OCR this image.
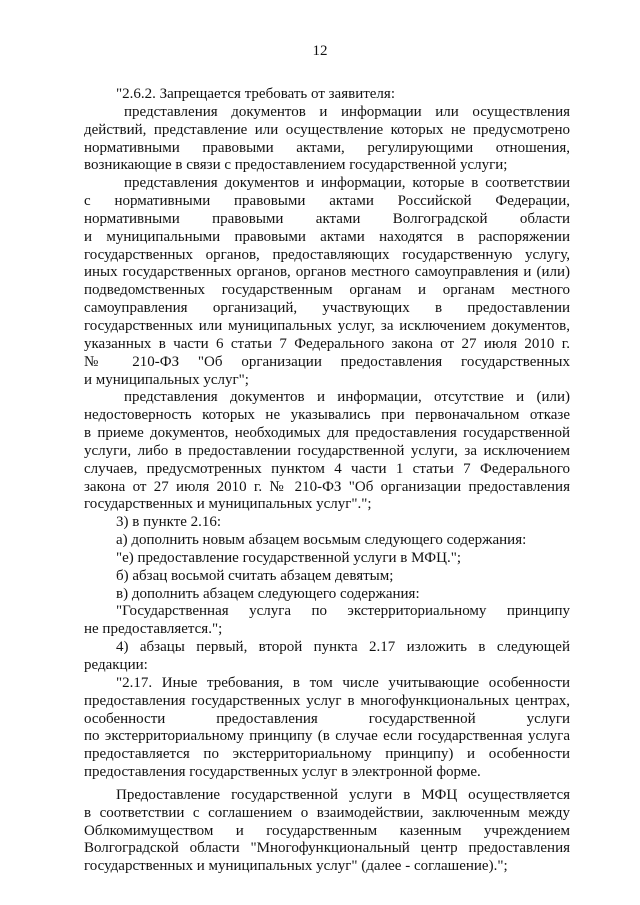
12
"2.6.2. Запрещается требовать от заявителя:
представления документов и информации или осуществления
действий, представление или осуществление которых не предусмотрено
нормативными правовыми актами, регулирующими отношения,
возникающие в связи с предоставлением государственной услуги;
представления документов и информации, которые в соответствии
с нормативными правовыми актами Российской Федерации,
нормативными правовыми актами Волгоградской области
и муниципальными правовыми актами находятся в распоряжении
государственных органов, предоставляющих государственную услугу,
иных государственных органов, органов местного самоуправления и (или)
подведомственных государственным органам и органам местного
самоуправления организаций, участвующих в предоставлении
государственных или муниципальных услуг, за исключением документов,
указанных в части 6 статьи 7 Федерального закона от 27 июля 2010 г.
№ 210-ФЗ "Об организации предоставления государственных
и муниципальных услуг";
представления документов и информации, отсутствие и (или)
недостоверность которых не указывались при первоначальном отказе
в приеме документов, необходимых для предоставления государственной
услуги, либо в предоставлении государственной услуги, за исключением
случаев, предусмотренных пунктом 4 части 1 статьи 7 Федерального
закона от 27 июля 2010 г. № 210-ФЗ "Об организации предоставления
государственных и муниципальных услуг".";
3) в пункте 2.16:
а) дополнить новым абзацем восьмым следующего содержания:
"е) предоставление государственной услуги в МФЦ.";
б) абзац восьмой считать абзацем девятым;
в) дополнить абзацем следующего содержания:
"Государственная услуга по экстерриториальному принципу
не предоставляется.";
4) абзацы первый, второй пункта 2.17 изложить в следующей
редакции:
"2.17. Иные требования, в том числе учитывающие особенности
предоставления государственных услуг в многофункциональных центрах,
особенности предоставления государственной услуги
по экстерриториальному принципу (в случае если государственная услуга
предоставляется по экстерриториальному принципу) и особенности
предоставления государственных услуг в электронной форме.
Предоставление государственной услуги в МФЦ осуществляется
в соответствии с соглашением о взаимодействии, заключенным между
Облкомимуществом и государственным казенным учреждением
Волгоградской области "Многофункциональный центр предоставления
государственных и муниципальных услуг" (далее - соглашение).";
